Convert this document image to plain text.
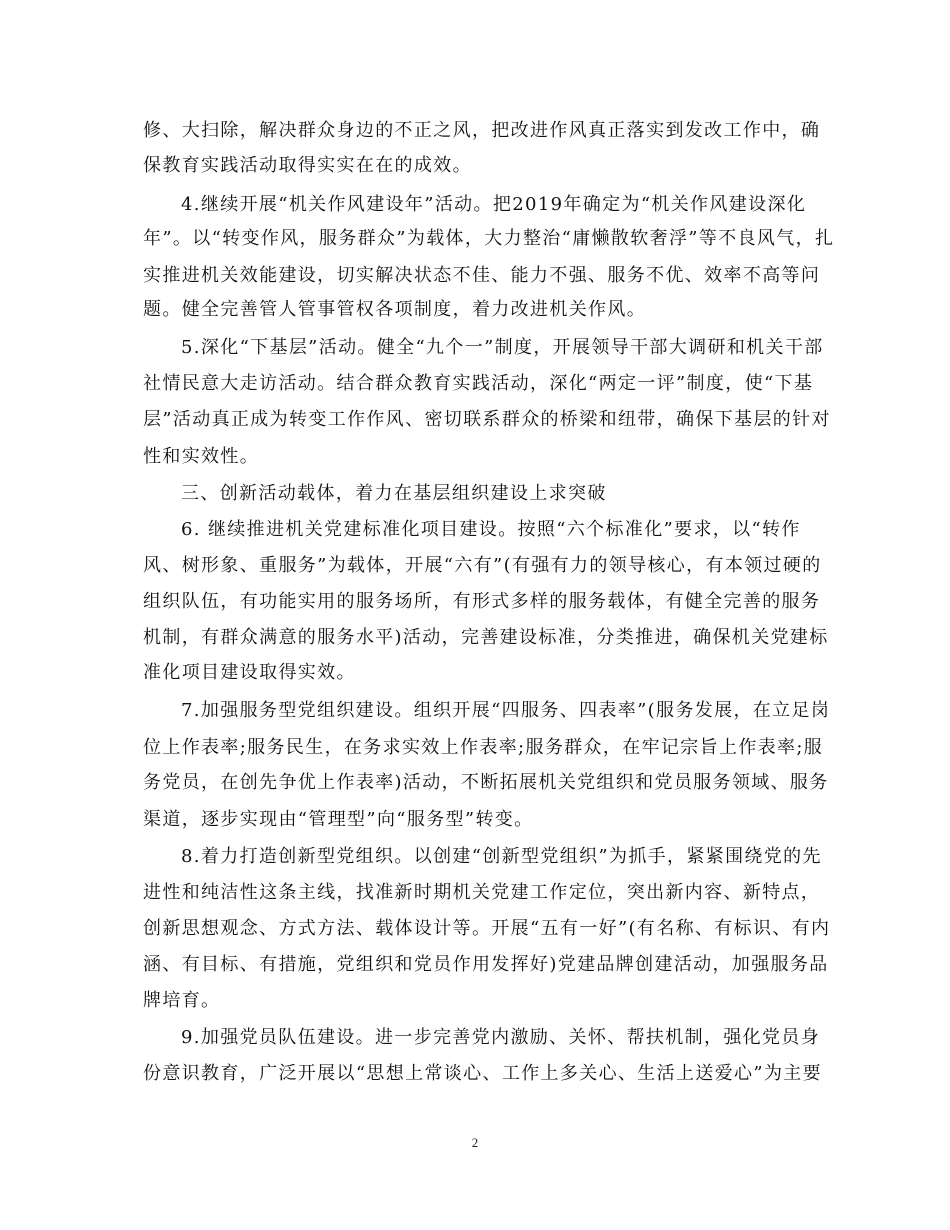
修、大扫除，解决群众身边的不正之风，把改进作风真正落实到发改工作中，确
保教育实践活动取得实实在在的成效。
4.继续开展“机关作风建设年”活动。把2019年确定为“机关作风建设深化
年”。以“转变作风，服务群众”为载体，大力整治“庸懒散软奢浮”等不良风气，扎
实推进机关效能建设，切实解决状态不佳、能力不强、服务不优、效率不高等问
题。健全完善管人管事管权各项制度，着力改进机关作风。
5.深化“下基层”活动。健全“九个一”制度，开展领导干部大调研和机关干部
社情民意大走访活动。结合群众教育实践活动，深化“两定一评”制度，使“下基
层”活动真正成为转变工作作风、密切联系群众的桥梁和纽带，确保下基层的针对
性和实效性。
三、创新活动载体，着力在基层组织建设上求突破
6. 继续推进机关党建标准化项目建设。按照“六个标准化”要求，以“转作
风、树形象、重服务”为载体，开展“六有”(有强有力的领导核心，有本领过硬的
组织队伍，有功能实用的服务场所，有形式多样的服务载体，有健全完善的服务
机制，有群众满意的服务水平)活动，完善建设标准，分类推进，确保机关党建标
准化项目建设取得实效。
7.加强服务型党组织建设。组织开展“四服务、四表率”(服务发展，在立足岗
位上作表率;服务民生，在务求实效上作表率;服务群众，在牢记宗旨上作表率;服
务党员，在创先争优上作表率)活动，不断拓展机关党组织和党员服务领域、服务
渠道，逐步实现由“管理型”向“服务型”转变。
8.着力打造创新型党组织。以创建“创新型党组织”为抓手，紧紧围绕党的先
进性和纯洁性这条主线，找准新时期机关党建工作定位，突出新内容、新特点，
创新思想观念、方式方法、载体设计等。开展“五有一好”(有名称、有标识、有内
涵、有目标、有措施，党组织和党员作用发挥好)党建品牌创建活动，加强服务品
牌培育。
9.加强党员队伍建设。进一步完善党内激励、关怀、帮扶机制，强化党员身
份意识教育，广泛开展以“思想上常谈心、工作上多关心、生活上送爱心”为主要
2
